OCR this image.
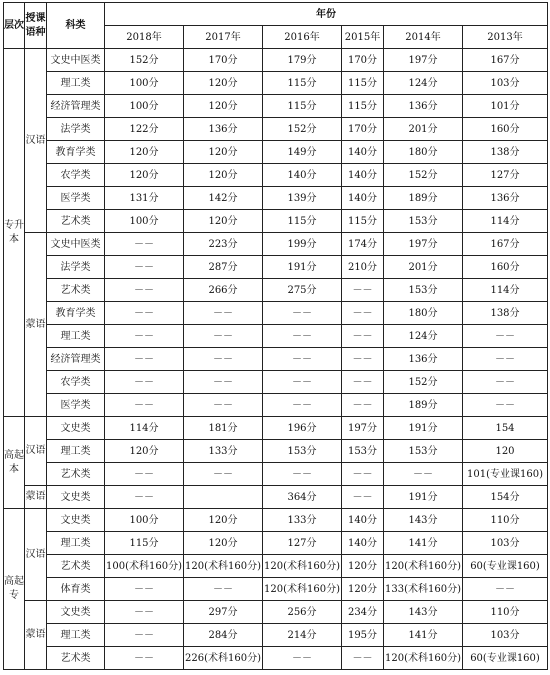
层次	授课语种	科类	年份					
			2018年	2017年	2016年	2015年	2014年	2013年
专升本	汉语	文史中医类	152分	170分	179分	170分	197分	167分
		理工类	100分	120分	115分	115分	124分	103分
		经济管理类	100分	120分	115分	115分	136分	101分
		法学类	122分	136分	152分	170分	201分	160分
		教育学类	120分	120分	149分	140分	180分	138分
		农学类	120分	120分	140分	140分	152分	127分
		医学类	131分	142分	139分	140分	189分	136分
		艺术类	100分	120分	115分	115分	153分	114分
	蒙语	文史中医类	－－	223分	199分	174分	197分	167分
		法学类	－－	287分	191分	210分	201分	160分
		艺术类	－－	266分	275分	－－	153分	114分
		教育学类	－－	－－	－－	－－	180分	138分
		理工类	－－	－－	－－	－－	124分	－－
		经济管理类	－－	－－	－－	－－	136分	－－
		农学类	－－	－－	－－	－－	152分	－－
		医学类	－－	－－	－－	－－	189分	－－
高起本	汉语	文史类	114分	181分	196分	197分	191分	154
		理工类	120分	133分	153分	153分	153分	120
		艺术类	－－	－－	－－	－－	－－	101(专业课160)
	蒙语	文史类	－－		364分	－－	191分	154分
高起专	汉语	文史类	100分	120分	133分	140分	143分	110分
		理工类	115分	120分	127分	140分	141分	103分
		艺术类	100(术科160分)	120(术科160分)	120(术科160分)	120分	120(术科160分)	60(专业课160)
		体育类	－－	－－	120(术科160分)	120分	133(术科160分)	－－
	蒙语	文史类	－－	297分	256分	234分	143分	110分
		理工类	－－	284分	214分	195分	141分	103分
		艺术类	－－	226(术科160分)	－－	－－	120(术科160分)	60(专业课160)
